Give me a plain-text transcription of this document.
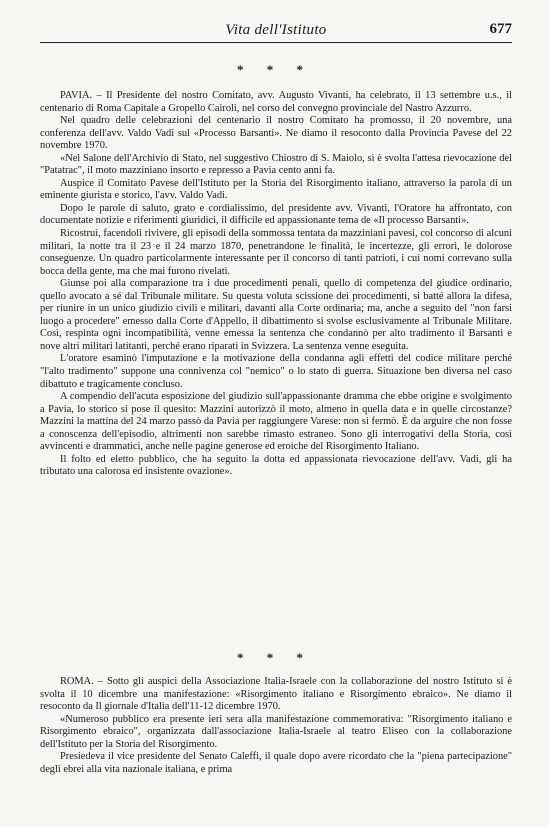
Vita dell'Istituto	677
* * *

PAVIA. – Il Presidente del nostro Comitato, avv. Augusto Vivanti, ha celebrato, il 13 settembre u.s., il centenario di Roma Capitale a Gropello Cairoli, nel corso del convegno provinciale del Nastro Azzurro.

Nel quadro delle celebrazioni del centenario il nostro Comitato ha promosso, il 20 novembre, una conferenza dell'avv. Valdo Vadi sul «Processo Barsanti». Ne diamo il resoconto dalla Provincia Pavese del 22 novembre 1970.

«Nel Salone dell'Archivio di Stato, nel suggestivo Chiostro di S. Maiolo, si è svolta l'attesa rievocazione del "Patatrac", il moto mazziniano insorto e represso a Pavia cento anni fa.

Auspice il Comitato Pavese dell'Istituto per la Storia del Risorgimento italiano, attraverso la parola di un eminente giurista e storico, l'avv. Valdo Vadi.

Dopo le parole di saluto, grato e cordialissimo, del presidente avv. Vivanti, l'Oratore ha affrontato, con documentate notizie e riferimenti giuridici, il difficile ed appassionante tema de «Il processo Barsanti».

Ricostruì, facendoli rivivere, gli episodi della sommossa tentata da mazziniani pavesi, col concorso di alcuni militari, la notte tra il 23 e il 24 marzo 1870, penetrandone le finalità, le incertezze, gli errori, le dolorose conseguenze. Un quadro particolarmente interessante per il concorso di tanti patrioti, i cui nomi correvano sulla bocca della gente, ma che mai furono rivelati.

Giunse poi alla comparazione tra i due procedimenti penali, quello di competenza del giudice ordinario, quello avocato a sé dal Tribunale militare. Su questa voluta scissione dei procedimenti, si batté allora la difesa, per riunire in un unico giudizio civili e militari, davanti alla Corte ordinaria; ma, anche a seguito del "non farsi luogo a procedere" emesso dalla Corte d'Appello, il dibattimento si svolse esclusivamente al Tribunale Militare. Così, respinta ogni incompatibilità, venne emessa la sentenza che condannò per alto tradimento il Barsanti e nove altri militari latitanti, perché erano riparati in Svizzera. La sentenza venne eseguita.

L'oratore esaminò l'imputazione e la motivazione della condanna agli effetti del codice militare perché "l'alto tradimento" suppone una connivenza col "nemico" o lo stato di guerra. Situazione ben diversa nel caso dibattuto e tragicamente concluso.

A compendio dell'acuta esposizione del giudizio sull'appassionante dramma che ebbe origine e svolgimento a Pavia, lo storico si pose il quesito: Mazzini autorizzò il moto, almeno in quella data e in quelle circostanze? Mazzini la mattina del 24 marzo passò da Pavia per raggiungere Varese: non si fermò. È da arguire che non fosse a conoscenza dell'episodio, altrimenti non sarebbe rimasto estraneo. Sono gli interrogativi della Storia, così avvincenti e drammatici, anche nelle pagine generose ed eroiche del Risorgimento Italiano.

Il folto ed eletto pubblico, che ha seguito la dotta ed appassionata rievocazione dell'avv. Vadi, gli ha tributato una calorosa ed insistente ovazione».

* * *

ROMA. – Sotto gli auspici della Associazione Italia-Israele con la collaborazione del nostro Istituto si è svolta il 10 dicembre una manifestazione: «Risorgimento italiano e Risorgimento ebraico». Ne diamo il resoconto da Il giornale d'Italia dell'11-12 dicembre 1970.

«Numeroso pubblico era presente ieri sera alla manifestazione commemorativa: "Risorgimento italiano e Risorgimento ebraico", organizzata dall'associazione Italia-Israele al teatro Eliseo con la collaborazione dell'Istituto per la Storia del Risorgimento.

Presiedeva il vice presidente del Senato Caleffi, il quale dopo avere ricordato che la "piena partecipazione" degli ebrei alla vita nazionale italiana, e prima
